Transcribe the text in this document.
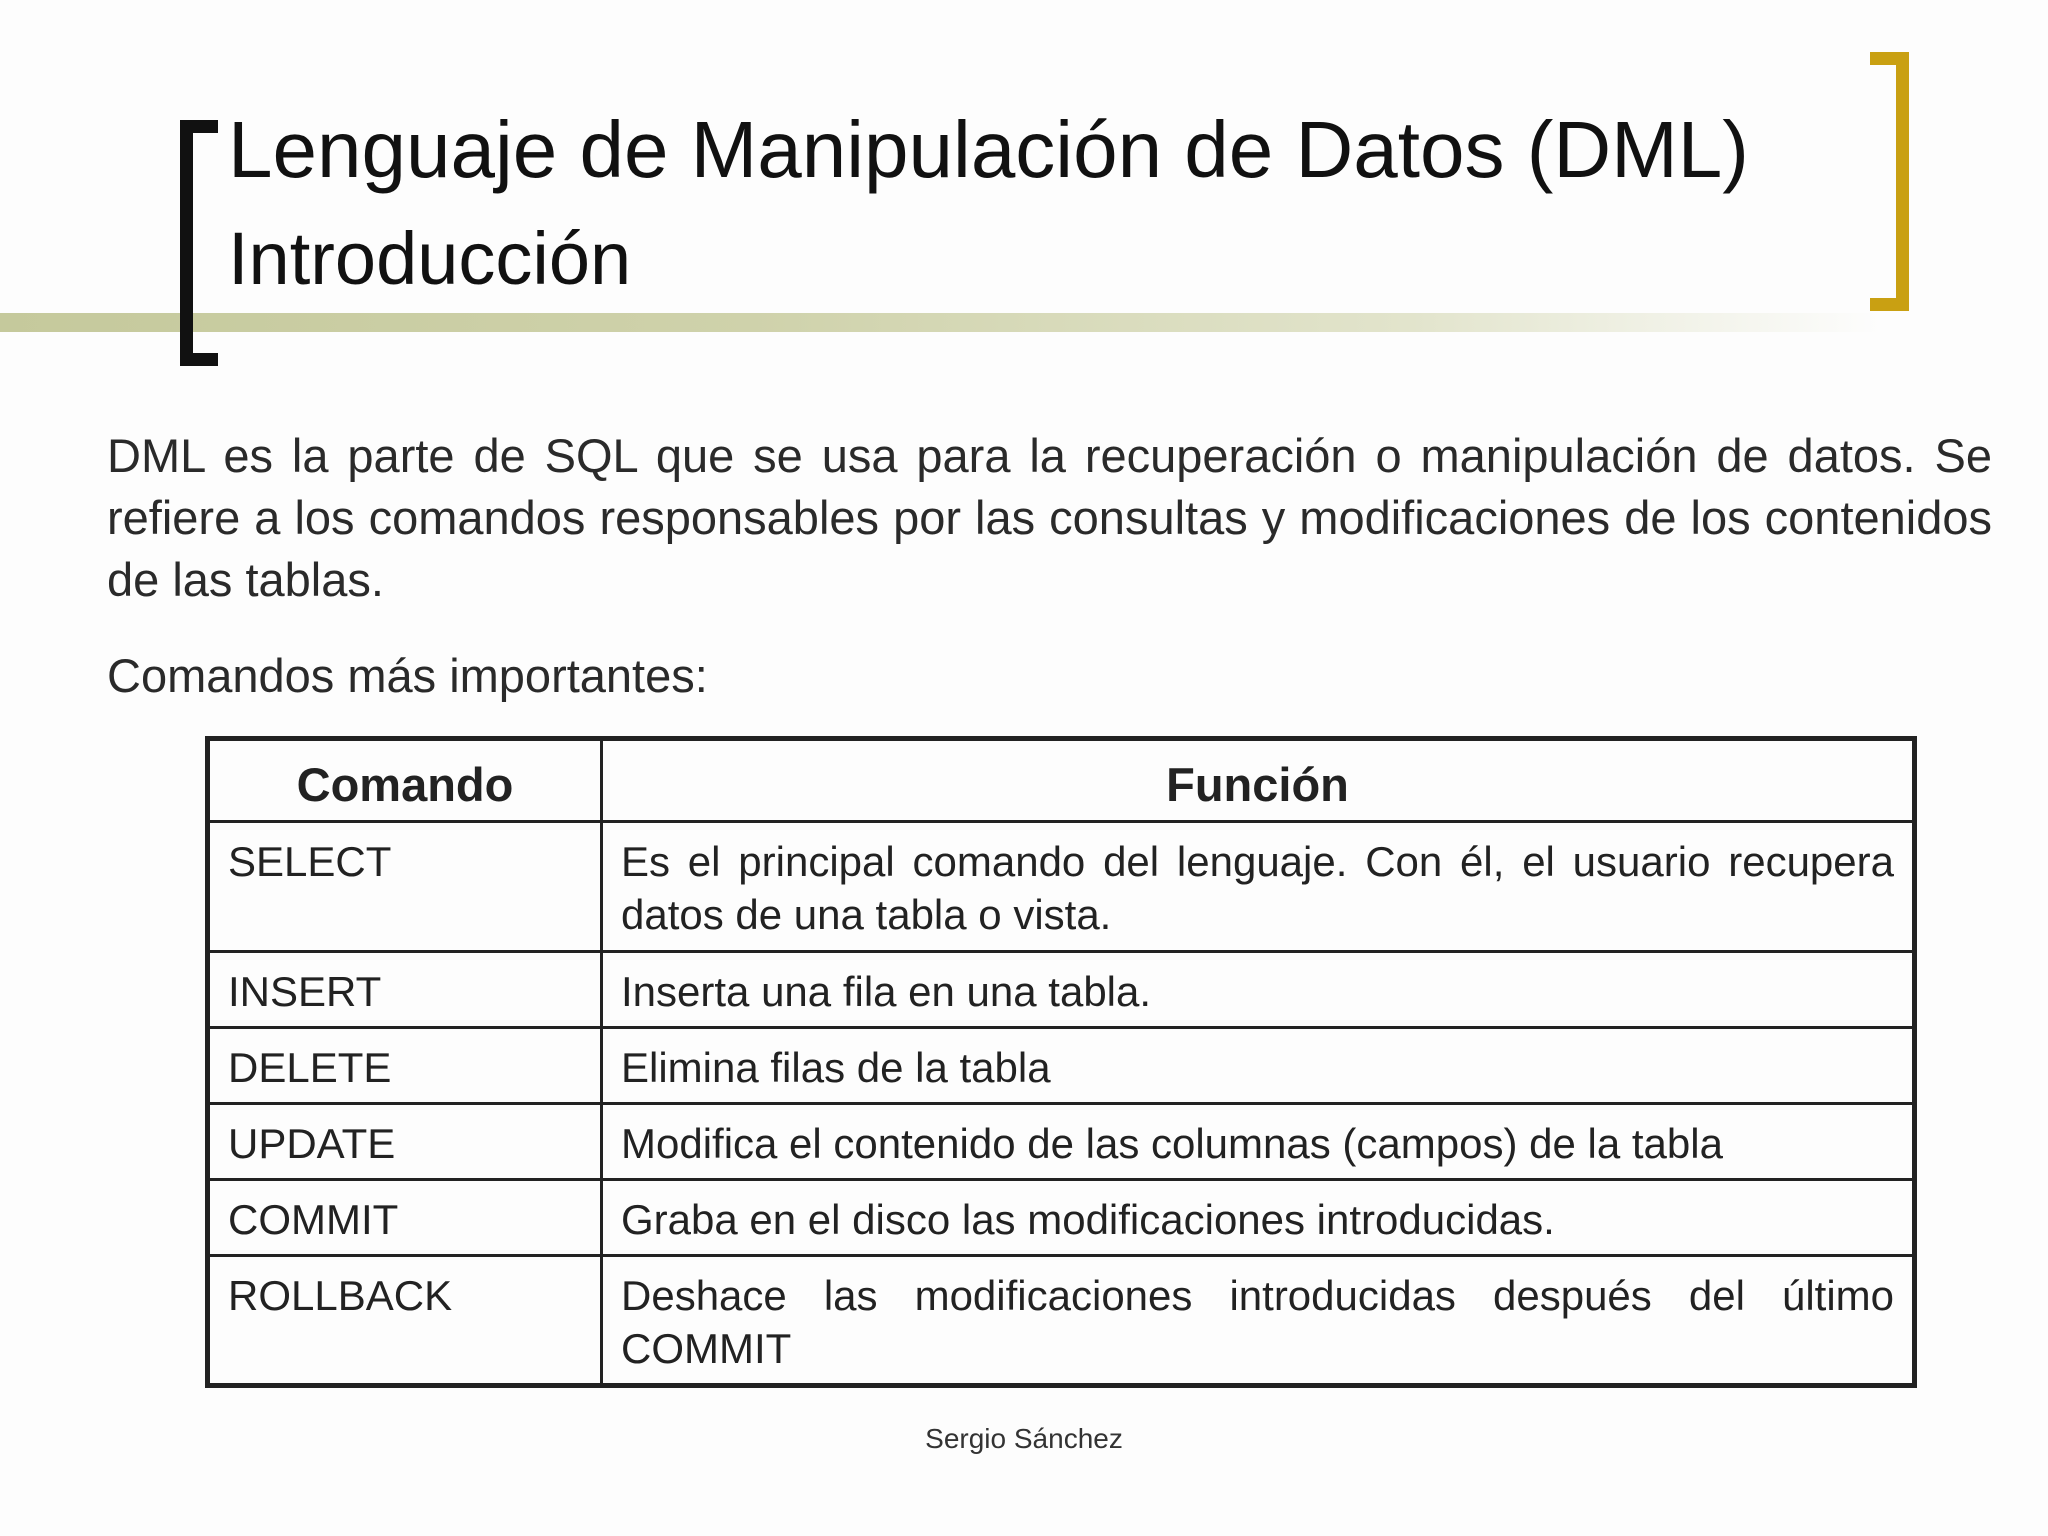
Lenguaje de Manipulación de Datos (DML)
Introducción

DML es la parte de SQL que se usa para la recuperación o manipulación de datos. Se refiere a los comandos responsables por las consultas y modificaciones de los contenidos de las tablas.

Comandos más importantes:

Comando	Función
SELECT	Es el principal comando del lenguaje. Con él, el usuario recupera datos de una tabla o vista.
INSERT	Inserta una fila en una tabla.
DELETE	Elimina filas de la tabla
UPDATE	Modifica el contenido de las columnas (campos) de la tabla
COMMIT	Graba en el disco las modificaciones introducidas.
ROLLBACK	Deshace las modificaciones introducidas después del último COMMIT

Sergio Sánchez
